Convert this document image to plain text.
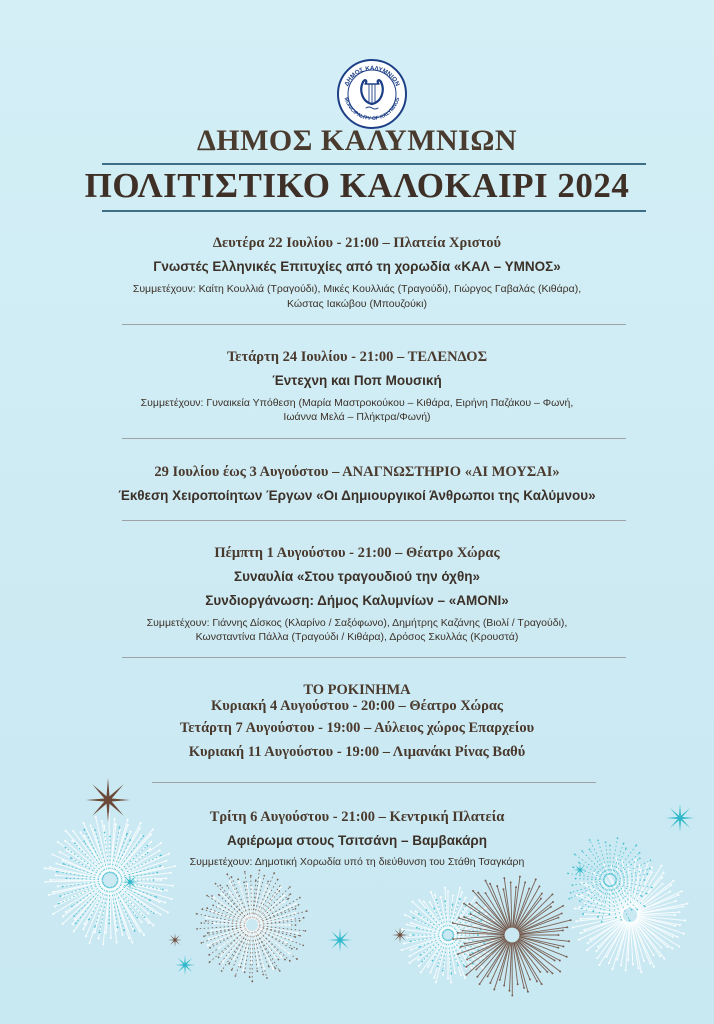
ΔΗΜΟΣ ΚΑΛΥΜΝΙΩΝ
MUNICIPALITY OF KALYMNOS
ΔΗΜΟΣ ΚΑΛΥΜΝΙΩΝ
ΠΟΛΙΤΙΣΤΙΚΟ ΚΑΛΟΚΑΙΡΙ 2024
Δευτέρα 22 Ιουλίου - 21:00 – Πλατεία Χριστού
Γνωστές Ελληνικές Επιτυχίες από τη χορωδία «ΚΑΛ – ΥΜΝΟΣ»
Συμμετέχουν: Καίτη Κουλλιά (Τραγούδι), Μικές Κουλλιάς (Τραγούδι), Γιώργος Γαβαλάς (Κιθάρα),
Κώστας Ιακώβου (Μπουζούκι)
Τετάρτη 24 Ιουλίου - 21:00 – ΤΕΛΕΝΔΟΣ
Έντεχνη και Ποπ Μουσική
Συμμετέχουν: Γυναικεία Υπόθεση (Μαρία Μαστροκούκου – Κιθάρα, Ειρήνη Παζάκου – Φωνή,
Ιωάννα Μελά – Πλήκτρα/Φωνή)
29 Ιουλίου έως 3 Αυγούστου – ΑΝΑΓΝΩΣΤΗΡΙΟ «ΑΙ ΜΟΥΣΑΙ»
Έκθεση Χειροποίητων Έργων «Οι Δημιουργικοί Άνθρωποι της Καλύμνου»
Πέμπτη 1 Αυγούστου - 21:00 – Θέατρο Χώρας
Συναυλία «Στου τραγουδιού την όχθη»
Συνδιοργάνωση: Δήμος Καλυμνίων – «ΑΜΟΝΙ»
Συμμετέχουν: Γιάννης Δίσκος (Κλαρίνο / Σαξόφωνο), Δημήτρης Καζάνης (Βιολί / Τραγούδι),
Κωνσταντίνα Πάλλα (Τραγούδι / Κιθάρα), Δρόσος Σκυλλάς (Κρουστά)
ΤΟ ΡΟΚΙΝΗΜΑ
Κυριακή 4 Αυγούστου - 20:00 – Θέατρο Χώρας
Τετάρτη 7 Αυγούστου - 19:00 – Αύλειος χώρος Επαρχείου
Κυριακή 11 Αυγούστου - 19:00 – Λιμανάκι Ρίνας Βαθύ
Τρίτη 6 Αυγούστου - 21:00 – Κεντρική Πλατεία
Αφιέρωμα στους Τσιτσάνη – Βαμβακάρη
Συμμετέχουν: Δημοτική Χορωδία υπό τη διεύθυνση του Στάθη Τσαγκάρη
